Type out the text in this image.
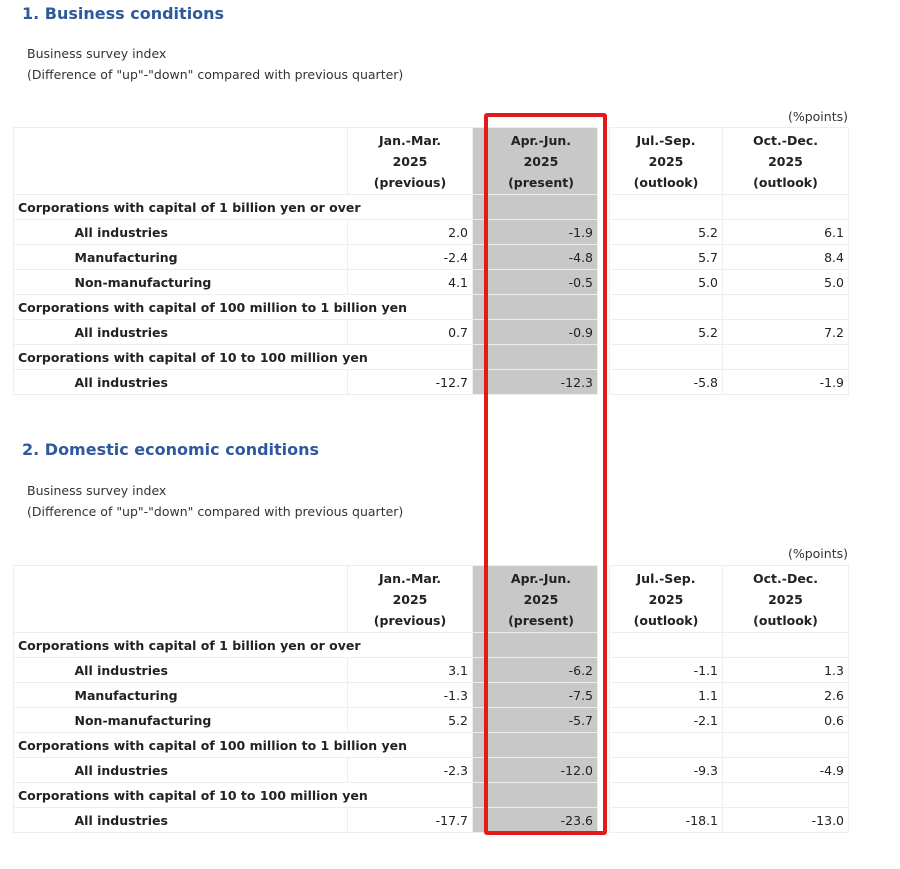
1. Business conditions
Business survey index
(Difference of "up"-"down" compared with previous quarter)
(%points)

		Jan.-Mar.
2025
(previous)		Apr.-Jun.
2025
(present)		Jul.-Sep.
2025
(outlook)	Oct.-Dec.
2025
(outlook)

Corporations with capital of 1 billion yen or over							
	All industries	2.0		-1.9		5.2	6.1
	Manufacturing	-2.4		-4.8		5.7	8.4
	Non-manufacturing	4.1		-0.5		5.0	5.0
Corporations with capital of 100 million to 1 billion yen							
	All industries	0.7		-0.9		5.2	7.2
Corporations with capital of 10 to 100 million yen							
	All industries	-12.7		-12.3		-5.8	-1.9
2. Domestic economic conditions
Business survey index
(Difference of "up"-"down" compared with previous quarter)
(%points)

		Jan.-Mar.
2025
(previous)		Apr.-Jun.
2025
(present)		Jul.-Sep.
2025
(outlook)	Oct.-Dec.
2025
(outlook)

Corporations with capital of 1 billion yen or over							
	All industries	3.1		-6.2		-1.1	1.3
	Manufacturing	-1.3		-7.5		1.1	2.6
	Non-manufacturing	5.2		-5.7		-2.1	0.6
Corporations with capital of 100 million to 1 billion yen							
	All industries	-2.3		-12.0		-9.3	-4.9
Corporations with capital of 10 to 100 million yen							
	All industries	-17.7		-23.6		-18.1	-13.0
